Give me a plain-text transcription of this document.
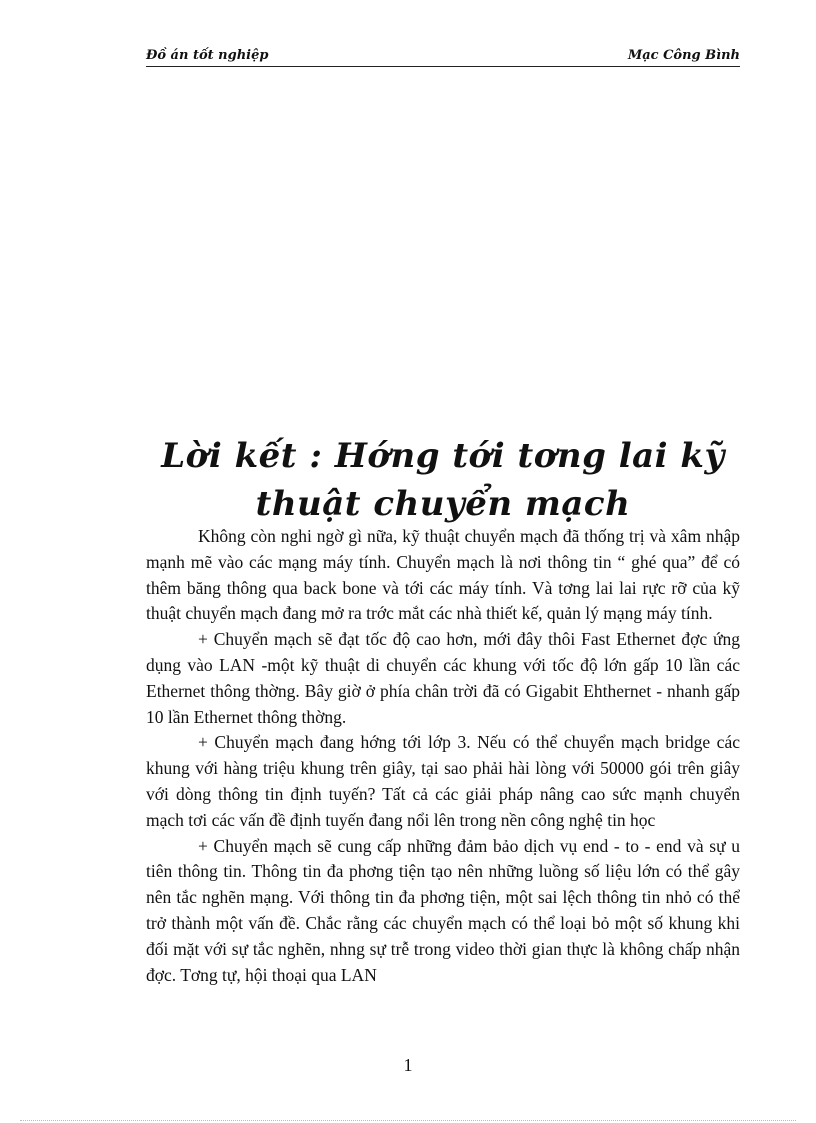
Đồ án tốt nghiệp	Mạc Công Bình
Lời kết : Hớng tới tơng lai kỹ
thuật chuyển mạch

Không còn nghi ngờ gì nữa, kỹ thuật chuyển mạch đã thống trị và xâm nhập mạnh mẽ vào các mạng máy tính. Chuyển mạch là nơi thông tin “ ghé qua” để có thêm băng thông qua back bone và tới các máy tính. Và tơng lai lai rực rỡ của kỹ thuật chuyển mạch đang mở ra trớc mắt các nhà thiết kế, quản lý mạng máy tính.

+ Chuyển mạch sẽ đạt tốc độ cao hơn, mới đây thôi Fast Ethernet đợc ứng dụng vào LAN -một kỹ thuật di chuyển các khung với tốc độ lớn gấp 10 lần các Ethernet thông thờng. Bây giờ ở phía chân trời đã có Gigabit Ehthernet - nhanh gấp 10 lần Ethernet thông thờng.

+ Chuyển mạch đang hớng tới lớp 3. Nếu có thể chuyển mạch bridge các khung với hàng triệu khung trên giây, tại sao phải hài lòng với 50000 gói trên giây với dòng thông tin định tuyến? Tất cả các giải pháp nâng cao sức mạnh chuyển mạch tơi các vấn đề định tuyến đang nổi lên trong nền công nghệ tin học

+ Chuyển mạch sẽ cung cấp những đảm bảo dịch vụ end - to - end và sự u tiên thông tin. Thông tin đa phơng tiện tạo nên những luồng số liệu lớn có thể gây nên tắc nghẽn mạng. Với thông tin đa phơng tiện, một sai lệch thông tin nhỏ có thể trở thành một vấn đề. Chắc rằng các chuyển mạch có thể loại bỏ một số khung khi đối mặt với sự tắc nghẽn, nhng sự trễ trong video thời gian thực là không chấp nhận đợc. Tơng tự, hội thoại qua LAN

1
